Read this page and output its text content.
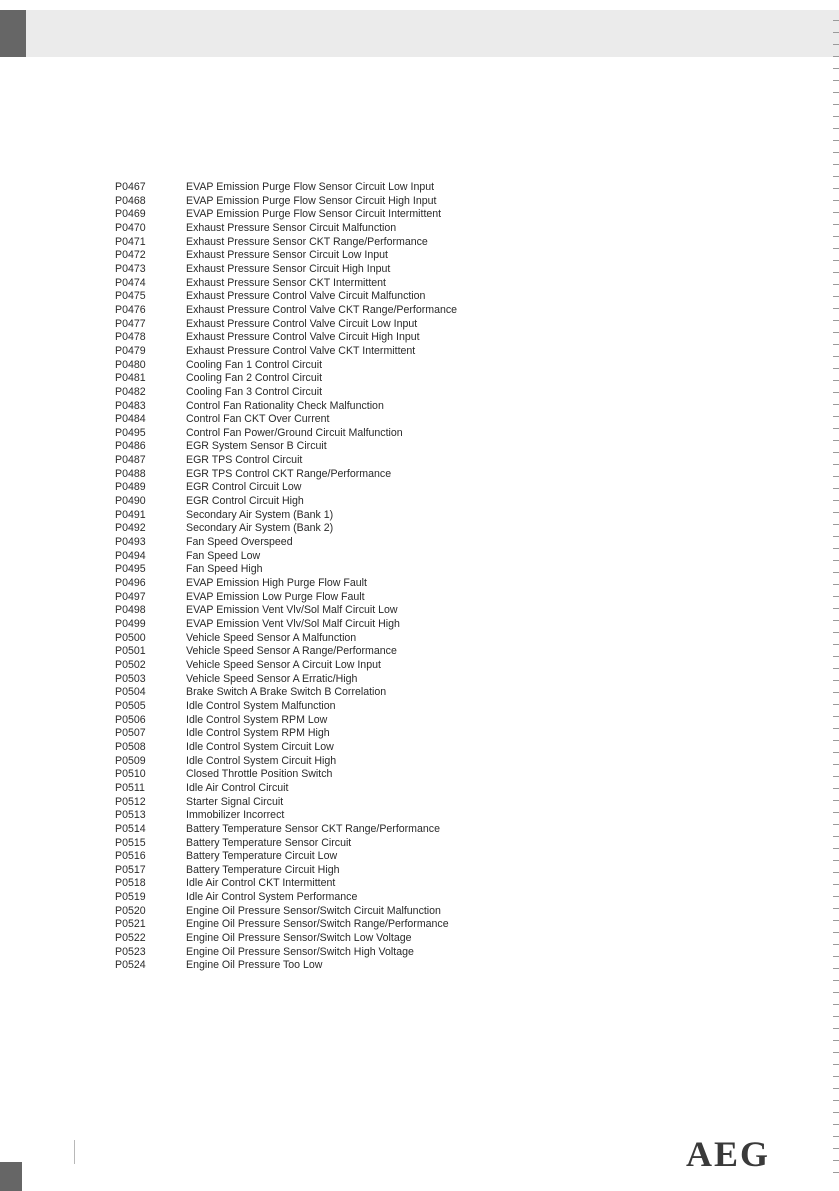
P0467	EVAP Emission Purge Flow Sensor Circuit Low Input
P0468	EVAP Emission Purge Flow Sensor Circuit High Input
P0469	EVAP Emission Purge Flow Sensor Circuit Intermittent
P0470	Exhaust Pressure Sensor Circuit Malfunction
P0471	Exhaust Pressure Sensor CKT Range/Performance
P0472	Exhaust Pressure Sensor Circuit Low Input
P0473	Exhaust Pressure Sensor Circuit High Input
P0474	Exhaust Pressure Sensor CKT Intermittent
P0475	Exhaust Pressure Control Valve Circuit Malfunction
P0476	Exhaust Pressure Control Valve CKT Range/Performance
P0477	Exhaust Pressure Control Valve Circuit Low Input
P0478	Exhaust Pressure Control Valve Circuit High Input
P0479	Exhaust Pressure Control Valve CKT Intermittent
P0480	Cooling Fan 1 Control Circuit
P0481	Cooling Fan 2 Control Circuit
P0482	Cooling Fan 3 Control Circuit
P0483	Control Fan Rationality Check Malfunction
P0484	Control Fan CKT Over Current
P0495	Control Fan Power/Ground Circuit Malfunction
P0486	EGR System Sensor B Circuit
P0487	EGR TPS Control Circuit
P0488	EGR TPS Control CKT Range/Performance
P0489	EGR Control Circuit Low
P0490	EGR Control Circuit High
P0491	Secondary Air System (Bank 1)
P0492	Secondary Air System (Bank 2)
P0493	Fan Speed Overspeed
P0494	Fan Speed Low
P0495	Fan Speed High
P0496	EVAP Emission High Purge Flow Fault
P0497	EVAP Emission Low Purge Flow Fault
P0498	EVAP Emission Vent Vlv/Sol Malf Circuit Low
P0499	EVAP Emission Vent Vlv/Sol Malf Circuit High
P0500	Vehicle Speed Sensor A Malfunction
P0501	Vehicle Speed Sensor A Range/Performance
P0502	Vehicle Speed Sensor A Circuit Low Input
P0503	Vehicle Speed Sensor A Erratic/High
P0504	Brake Switch A Brake Switch B Correlation
P0505	Idle Control System Malfunction
P0506	Idle Control System RPM Low
P0507	Idle Control System RPM High
P0508	Idle Control System Circuit Low
P0509	Idle Control System Circuit High
P0510	Closed Throttle Position Switch
P0511	Idle Air Control Circuit
P0512	Starter Signal Circuit
P0513	Immobilizer Incorrect
P0514	Battery Temperature Sensor CKT Range/Performance
P0515	Battery Temperature Sensor Circuit
P0516	Battery Temperature Circuit Low
P0517	Battery Temperature Circuit High
P0518	Idle Air Control CKT Intermittent
P0519	Idle Air Control System Performance
P0520	Engine Oil Pressure Sensor/Switch Circuit Malfunction
P0521	Engine Oil Pressure Sensor/Switch Range/Performance
P0522	Engine Oil Pressure Sensor/Switch Low Voltage
P0523	Engine Oil Pressure Sensor/Switch High Voltage
P0524	Engine Oil Pressure Too Low
AEG
